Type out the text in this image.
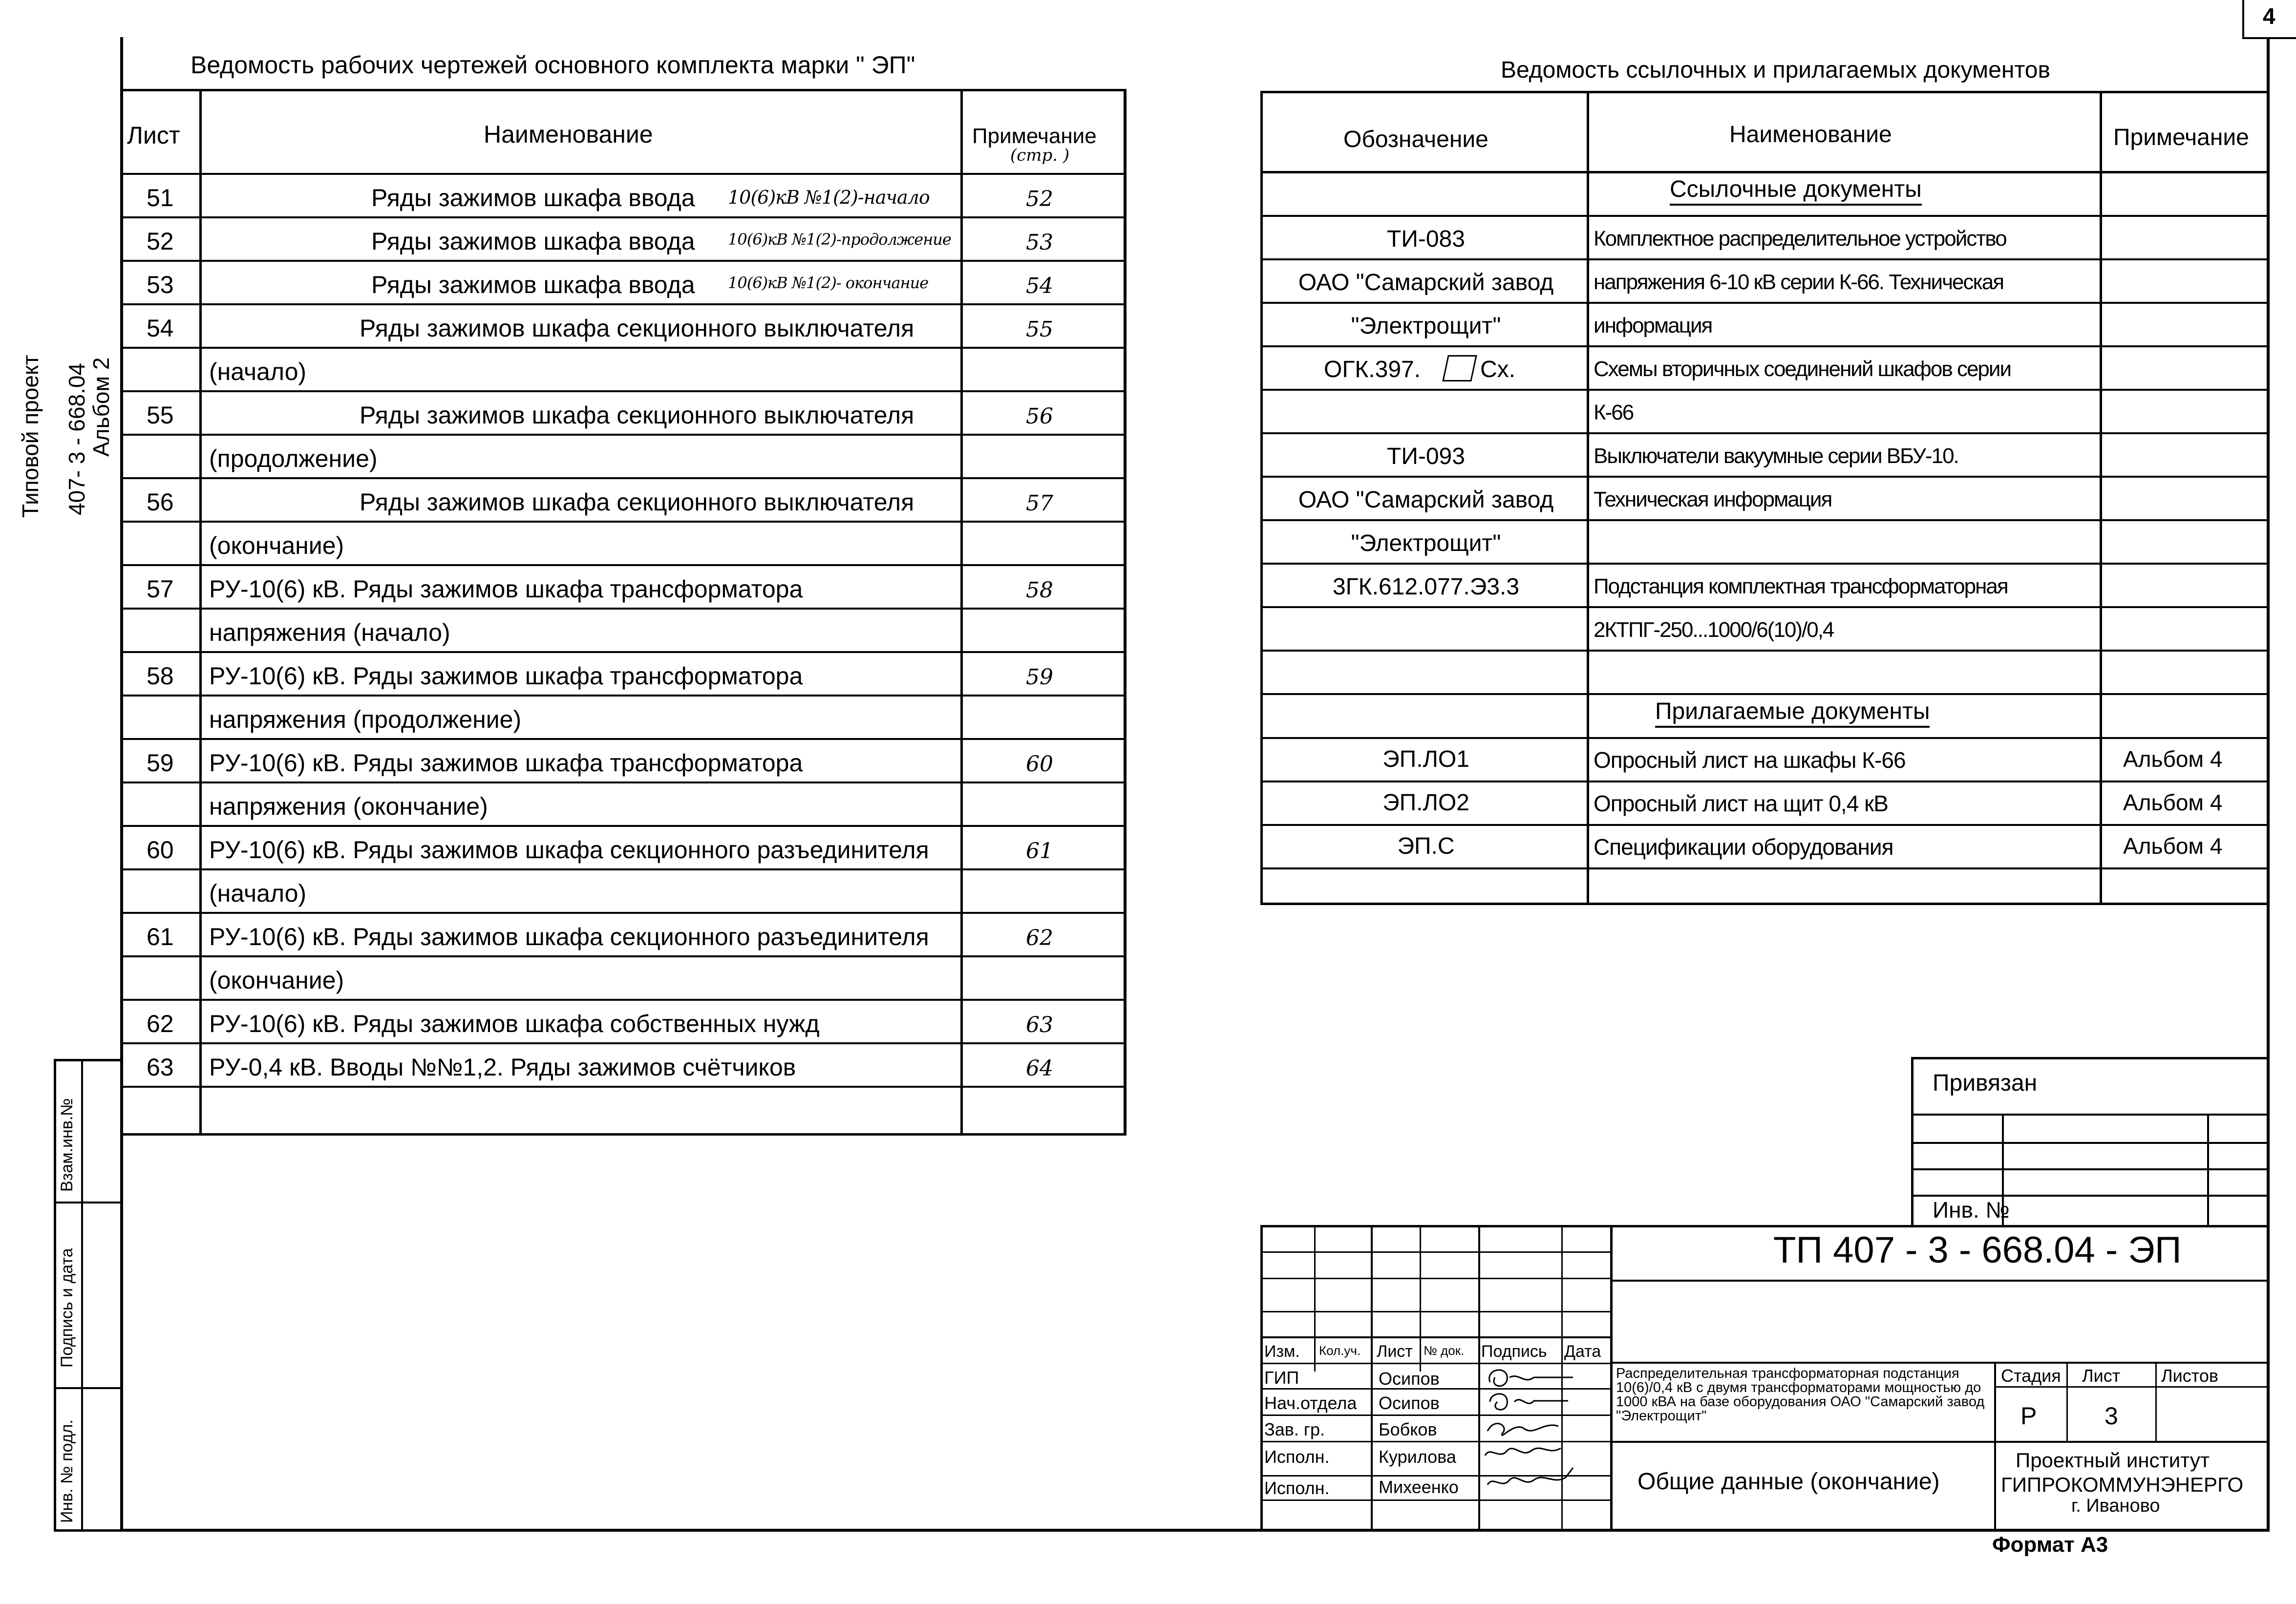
4
Типовой проект 407- 3 - 668.04
Альбом 2
Взам.инв.№
Подпись и дата
Инв. № подл.
Ведомость рабочих чертежей основного комплекта марки " ЭП"
Лист	Наименование	Примечание
(стр. )
51	Ряды зажимов шкафа ввода 10(6)кВ №1(2)-начало	52
52	Ряды зажимов шкафа ввода 10(6)кВ №1(2)-продолжение	53
53	Ряды зажимов шкафа ввода 10(6)кВ №1(2)- окончание	54
54	Ряды зажимов шкафа секционного выключателя	55
(начало)
55	Ряды зажимов шкафа секционного выключателя	56
(продолжение)
56	Ряды зажимов шкафа секционного выключателя	57
(окончание)
57 РУ-10(6) кВ. Ряды зажимов шкафа трансформатора	58
напряжения (начало)
58 РУ-10(6) кВ. Ряды зажимов шкафа трансформатора	59
напряжения (продолжение)
59 РУ-10(6) кВ. Ряды зажимов шкафа трансформатора	60
напряжения (окончание)
60 РУ-10(6) кВ. Ряды зажимов шкафа секционного разъединителя	61
(начало)
61 РУ-10(6) кВ. Ряды зажимов шкафа секционного разъединителя	62
(окончание)
62 РУ-10(6) кВ. Ряды зажимов шкафа собственных нужд	63
63 РУ-0,4 кВ. Вводы №№1,2. Ряды зажимов счётчиков	64
Ведомость ссылочных и прилагаемых документов
Обозначение	Наименование	Примечание
Ссылочные документы
ТИ-083	Комплектное распределительное устройство
ОАО "Самарский завод	напряжения 6-10 кВ серии К-66. Техническая
"Электрощит"	информация
ОГК.397.	Сх.	Схемы вторичных соединений шкафов серии
К-66
ТИ-093	Выключатели вакуумные серии ВБУ-10.
ОАО "Самарский завод	Техническая информация
"Электрощит"
3ГК.612.077.Э3.3	Подстанция комплектная трансформаторная
2КТПГ-250...1000/6(10)/0,4
Прилагаемые документы
ЭП.ЛО1	Опросный лист на шкафы К-66	Альбом 4
ЭП.ЛО2	Опросный лист на щит 0,4 кВ	Альбом 4
ЭП.С	Спецификации оборудования	Альбом 4
Привязан
Инв. №
Изм. Кол.уч. Лист № док. Подпись Дата
ГИП	Осипов
Нач.отдела Осипов
Зав. гр.	Бобков
Исполн.	Курилова
Исполн.	Михеенко
ТП 407 - 3 - 668.04 - ЭП
Распределительная трансформаторная подстанция 10(6)/0,4 кВ с двумя трансформаторами мощностью до 1000 кВА на базе оборудования ОАО "Самарский завод "Электрощит"
Общие данные (окончание)
Стадия Лист Листов
Р	3
Проектный институт
ГИПРОКОММУНЭНЕРГО
г. Иваново
Формат А3
